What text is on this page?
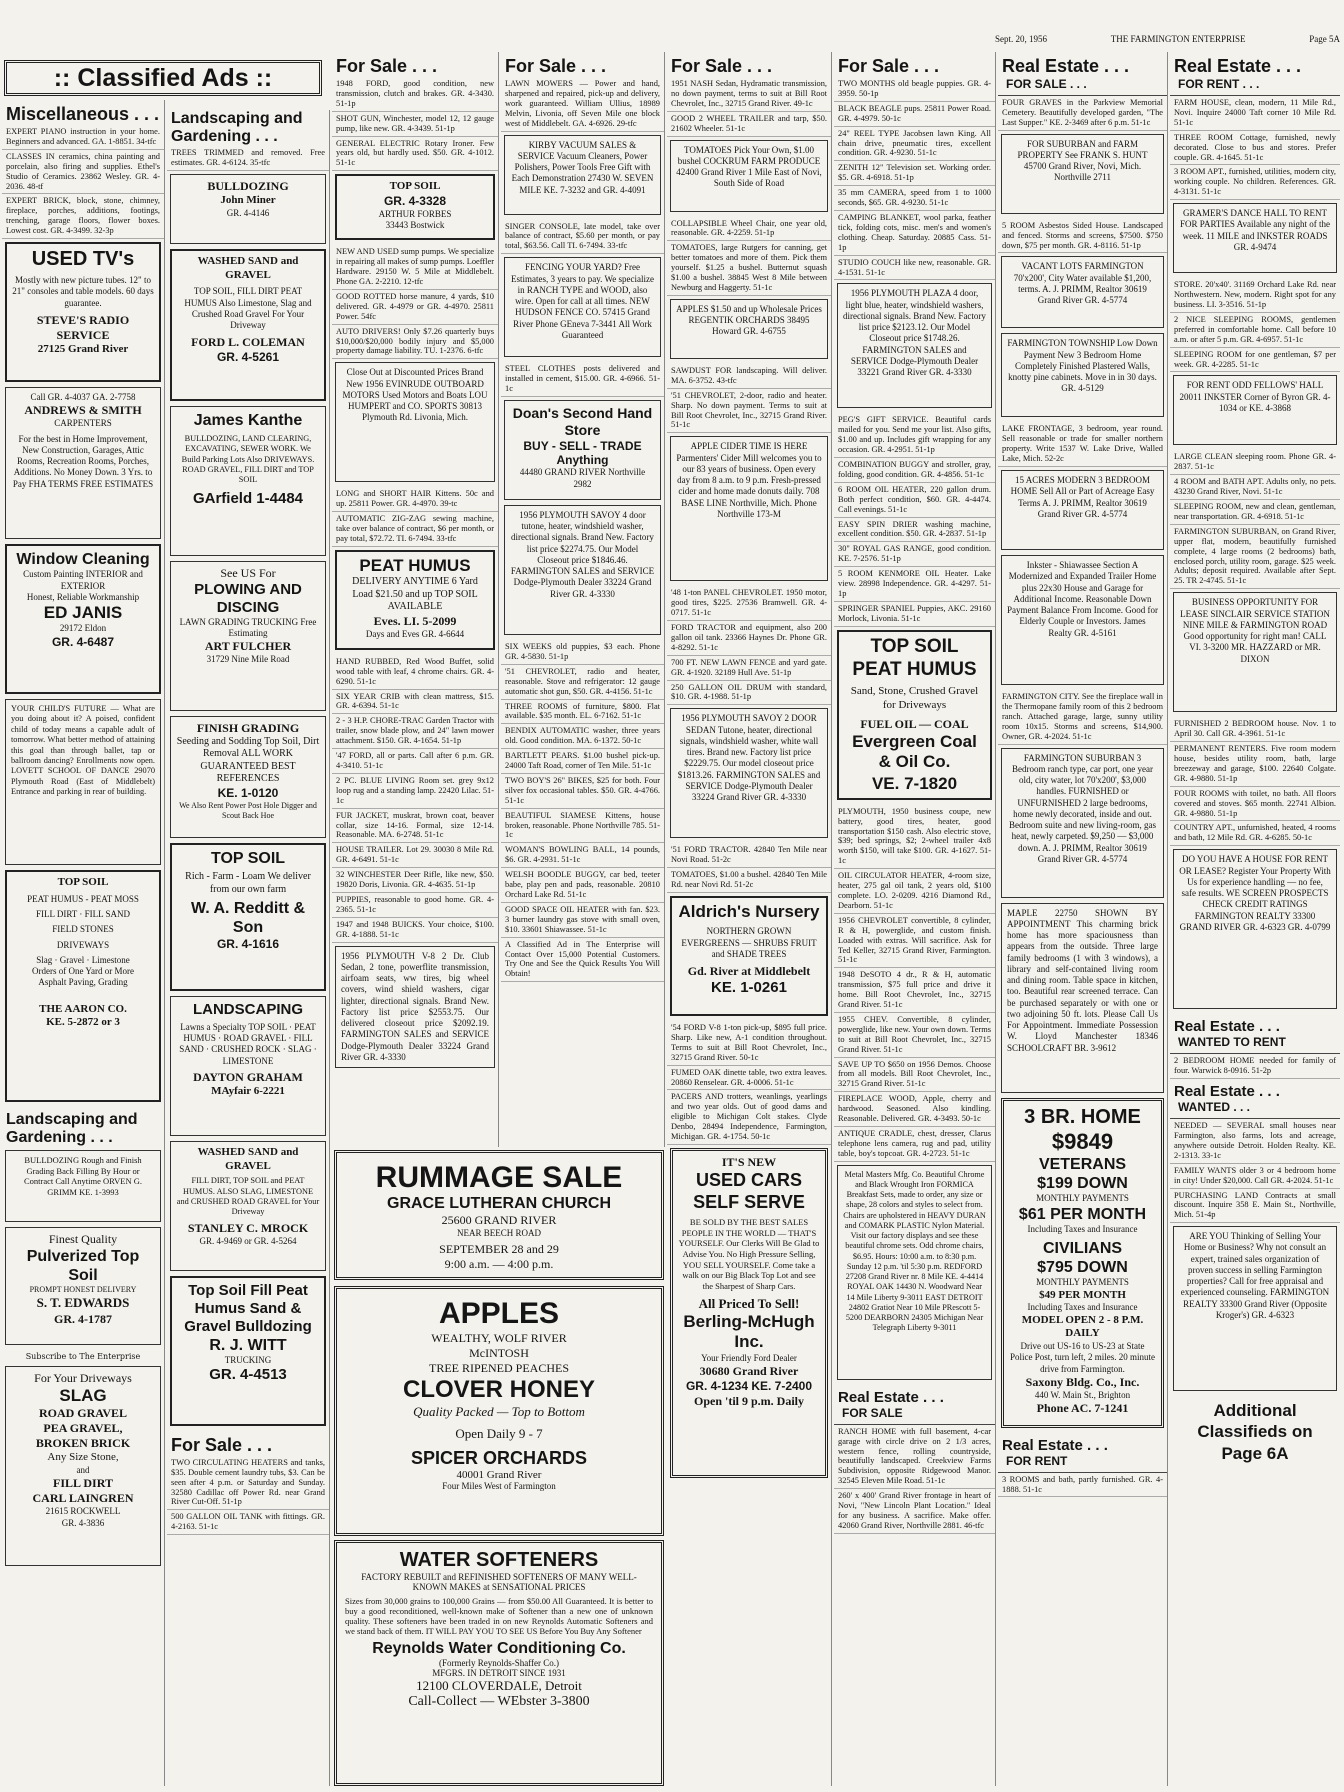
Sept. 20, 1956	THE FARMINGTON ENTERPRISE	Page 5A
:: Classified Ads ::
Miscellaneous . . .
EXPERT PIANO instruction in your home. Beginners and advanced. GA. 1-8851. 34-tfc
CLASSES IN ceramics, china painting and porcelain, also firing and supplies. Ethel's Studio of Ceramics. 23862 Wesley. GR. 4-2036. 48-tf
EXPERT BRICK, block, stone, chimney, fireplace, porches, additions, footings, trenching, garage floors, flower boxes. Lowest cost. GR. 4-3499. 32-3p
USED TV's
Mostly with new picture tubes. 12" to 21" consoles and table models. 60 days guarantee.
STEVE'S RADIO SERVICE
27125 Grand River
Call GR. 4-4037 GA. 2-7758
ANDREWS & SMITH
CARPENTERS
For the best in Home Improvement, New Construction, Garages, Attic Rooms, Recreation Rooms, Porches, Additions. No Money Down. 3 Yrs. to Pay FHA TERMS FREE ESTIMATES
Window Cleaning
Custom Painting INTERIOR and EXTERIOR
Honest, Reliable Workmanship
ED JANIS
29172 Eldon
GR. 4-6487
YOUR CHILD'S FUTURE — What are you doing about it? A poised, confident child of today means a capable adult of tomorrow. What better method of attaining this goal than through ballet, tap or ballroom dancing? Enrollments now open. LOVETT SCHOOL OF DANCE 29070 Plymouth Road (East of Middlebelt) Entrance and parking in rear of building.
TOP SOIL
PEAT HUMUS - PEAT MOSS
FILL DIRT · FILL SAND
FIELD STONES
DRIVEWAYS
Slag · Gravel · Limestone
Orders of One Yard or More
Asphalt Paving, Grading
THE AARON CO.
KE. 5-2872 or 3
Landscaping and Gardening . . .
BULLDOZING Rough and Finish Grading Back Filling By Hour or Contract Call Anytime ORVEN G. GRIMM KE. 1-3993
Finest Quality
Pulverized Top Soil
PROMPT HONEST DELIVERY
S. T. EDWARDS
GR. 4-1787
Subscribe to The Enterprise
For Your Driveways
SLAG
ROAD GRAVEL
PEA GRAVEL,
BROKEN BRICK
Any Size Stone,
and
FILL DIRT
CARL LAINGREN
21615 ROCKWELL
GR. 4-3836
Landscaping and Gardening . . .
TREES TRIMMED and removed. Free estimates. GR. 4-6124. 35-tfc
BULLDOZING
John Miner
GR. 4-4146
WASHED SAND and GRAVEL
TOP SOIL, FILL DIRT PEAT HUMUS Also Limestone, Slag and Crushed Road Gravel For Your Driveway
FORD L. COLEMAN
GR. 4-5261
James Kanthe
BULLDOZING, LAND CLEARING, EXCAVATING, SEWER WORK. We Build Parking Lots Also DRIVEWAYS. ROAD GRAVEL, FILL DIRT and TOP SOIL
GArfield 1-4484
See US For
PLOWING AND DISCING
LAWN GRADING TRUCKING Free Estimating
ART FULCHER
31729 Nine Mile Road
FINISH GRADING
Seeding and Sodding Top Soil, Dirt Removal ALL WORK GUARANTEED BEST REFERENCES
KE. 1-0120
We Also Rent Power Post Hole Digger and Scout Back Hoe
TOP SOIL
Rich - Farm - Loam We deliver from our own farm
W. A. Redditt & Son
GR. 4-1616
LANDSCAPING
Lawns a Specialty TOP SOIL · PEAT HUMUS · ROAD GRAVEL · FILL SAND · CRUSHED ROCK · SLAG · LIMESTONE
DAYTON GRAHAM
MAyfair 6-2221
WASHED SAND and GRAVEL
FILL DIRT, TOP SOIL and PEAT HUMUS. ALSO SLAG, LIMESTONE and CRUSHED ROAD GRAVEL for Your Driveway
STANLEY C. MROCK
GR. 4-9469 or GR. 4-5264
Top Soil Fill Peat Humus Sand & Gravel Bulldozing
R. J. WITT
TRUCKING
GR. 4-4513
For Sale . . .
TWO CIRCULATING HEATERS and tanks, $35. Double cement laundry tubs, $3. Can be seen after 4 p.m. or Saturday and Sunday. 32580 Cadillac off Power Rd. near Grand River Cut-Off. 51-1p
500 GALLON OIL TANK with fittings. GR. 4-2163. 51-1c
For Sale . . .
1948 FORD, good condition, new transmission, clutch and brakes. GR. 4-3430. 51-1p
SHOT GUN, Winchester, model 12, 12 gauge pump, like new. GR. 4-3439. 51-1p
GENERAL ELECTRIC Rotary Ironer. Few years old, but hardly used. $50. GR. 4-1012. 51-1c
TOP SOIL
GR. 4-3328
ARTHUR FORBES
33443 Bostwick
NEW AND USED sump pumps. We specialize in repairing all makes of sump pumps. Loeffler Hardware. 29150 W. 5 Mile at Middlebelt. Phone GA. 2-2210. 12-tfc
GOOD ROTTED horse manure, 4 yards, $10 delivered. GR. 4-4979 or GR. 4-4970. 25811 Power. 54fc
AUTO DRIVERS! Only $7.26 quarterly buys $10,000/$20,000 bodily injury and $5,000 property damage liability. TU. 1-2376. 6-tfc
Close Out at Discounted Prices Brand New 1956 EVINRUDE OUTBOARD MOTORS Used Motors and Boats LOU HUMPERT and CO. SPORTS 30813 Plymouth Rd. Livonia, Mich.
LONG and SHORT HAIR Kittens. 50c and up. 25811 Power. GR. 4-4970. 39-tc
AUTOMATIC ZIG-ZAG sewing machine, take over balance of contract, $6 per month, or pay total, $72.72. TI. 6-7494. 33-tfc
PEAT HUMUS
DELIVERY ANYTIME 6 Yard Load $21.50 and up TOP SOIL AVAILABLE
Eves. LI. 5-2099
Days and Eves GR. 4-6644
HAND RUBBED, Red Wood Buffet, solid wood table with leaf, 4 chrome chairs. GR. 4-6290. 51-1c
SIX YEAR CRIB with clean mattress, $15. GR. 4-6394. 51-1c
2 - 3 H.P. CHORE-TRAC Garden Tractor with trailer, snow blade plow, and 24" lawn mower attachment. $150. GR. 4-1654. 51-1p
'47 FORD, all or parts. Call after 6 p.m. GR. 4-3410. 51-1c
2 PC. BLUE LIVING Room set. grey 9x12 loop rug and a standing lamp. 22420 Lilac. 51-1c
FUR JACKET, muskrat, brown coat, beaver collar, size 14-16. Formal, size 12-14. Reasonable. MA. 6-2748. 51-1c
HOUSE TRAILER. Lot 29. 30030 8 Mile Rd. GR. 4-6491. 51-1c
32 WINCHESTER Deer Rifle, like new, $50. 19820 Doris, Livonia. GR. 4-4635. 51-1p
PUPPIES, reasonable to good home. GR. 4-2365. 51-1c
1947 and 1948 BUICKS. Your choice, $100. GR. 4-1888. 51-1c
1956 PLYMOUTH V-8 2 Dr. Club Sedan, 2 tone, powerflite transmission, airfoam seats, ww tires, big wheel covers, wind shield washers, cigar lighter, directional signals. Brand New. Factory list price $2553.75. Our delivered closeout price $2092.19. FARMINGTON SALES and SERVICE Dodge-Plymouth Dealer 33224 Grand River GR. 4-3330
For Sale . . .
LAWN MOWERS — Power and hand, sharpened and repaired, pick-up and delivery, work guaranteed. William Ullius, 18989 Melvin, Livonia, off Seven Mile one block west of Middlebelt. GA. 4-6926. 29-tfc
KIRBY VACUUM SALES & SERVICE Vacuum Cleaners, Power Polishers, Power Tools Free Gift with Each Demonstration 27430 W. SEVEN MILE KE. 7-3232 and GR. 4-4091
SINGER CONSOLE, late model, take over balance of contract, $5.60 per month, or pay total, $63.56. Call TI. 6-7494. 33-tfc
FENCING YOUR YARD? Free Estimates, 3 years to pay. We specialize in RANCH TYPE and WOOD, also wire. Open for call at all times. NEW HUDSON FENCE CO. 57415 Grand River Phone GEneva 7-3441 All Work Guaranteed
STEEL CLOTHES posts delivered and installed in cement, $15.00. GR. 4-6966. 51-1c
Doan's Second Hand Store
BUY - SELL - TRADE Anything
44480 GRAND RIVER Northville 2982
1956 PLYMOUTH SAVOY 4 door tutone, heater, windshield washer, directional signals. Brand New. Factory list price $2274.75. Our Model Closeout price $1846.46. FARMINGTON SALES and SERVICE Dodge-Plymouth Dealer 33224 Grand River GR. 4-3330
SIX WEEKS old puppies, $3 each. Phone GR. 4-5830. 51-1p
'51 CHEVROLET, radio and heater, reasonable. Stove and refrigerator: 12 gauge automatic shot gun, $50. GR. 4-4156. 51-1c
THREE ROOMS of furniture, $800. Flat available. $35 month. EL. 6-7162. 51-1c
BENDIX AUTOMATIC washer, three years old. Good condition. MA. 6-1372. 50-1c
BARTLETT PEARS. $1.00 bushel pick-up. 24000 Taft Road, corner of Ten Mile. 51-1c
TWO BOY'S 26" BIKES, $25 for both. Four silver fox occasional tables. $50. GR. 4-4766. 51-1c
BEAUTIFUL SIAMESE Kittens, house broken, reasonable. Phone Northville 785. 51-1c
WOMAN'S BOWLING BALL, 14 pounds, $6. GR. 4-2931. 51-1c
WELSH BOODLE BUGGY, car bed, teeter babe, play pen and pads, reasonable. 20810 Orchard Lake Rd. 51-1c
GOOD SPACE OIL HEATER with fan. $23. 3 burner laundry gas stove with small oven, $10. 33601 Shiawassee. 51-1c
A Classified Ad in The Enterprise will Contact Over 15,000 Potential Customers. Try One and See the Quick Results You Will Obtain!
RUMMAGE SALE
GRACE LUTHERAN CHURCH
25600 GRAND RIVER
NEAR BEECH ROAD
SEPTEMBER 28 and 29
9:00 a.m. — 4:00 p.m.
APPLES
WEALTHY, WOLF RIVER
McINTOSH
TREE RIPENED PEACHES
CLOVER HONEY
Quality Packed — Top to Bottom
Open Daily 9 - 7
SPICER ORCHARDS
40001 Grand River
Four Miles West of Farmington
WATER SOFTENERS
FACTORY REBUILT and REFINISHED SOFTENERS OF MANY WELL-KNOWN MAKES at SENSATIONAL PRICES
Sizes from 30,000 grains to 100,000 Grains — from $50.00 All Guaranteed. It is better to buy a good reconditioned, well-known make of Softener than a new one of unknown quality. These softeners have been traded in on new Reynolds Automatic Softeners and we stand back of them. IT WILL PAY YOU TO SEE US Before You Buy Any Softener
Reynolds Water Conditioning Co.
(Formerly Reynolds-Shaffer Co.)
MFGRS. IN DETROIT SINCE 1931
12100 CLOVERDALE, Detroit
Call-Collect — WEbster 3-3800
For Sale . . .
1951 NASH Sedan, Hydramatic transmission, no down payment, terms to suit at Bill Root Chevrolet, Inc., 32715 Grand River. 49-1c
GOOD 2 WHEEL TRAILER and tarp, $50. 21602 Wheeler. 51-1c
TOMATOES Pick Your Own, $1.00 bushel COCKRUM FARM PRODUCE 42400 Grand River 1 Mile East of Novi, South Side of Road
COLLAPSIBLE Wheel Chair, one year old, reasonable. GR. 4-2259. 51-1p
TOMATOES, large Rutgers for canning, get better tomatoes and more of them. Pick them yourself. $1.25 a bushel. Butternut squash $1.00 a bushel. 38845 West 8 Mile between Newburg and Haggerty. 51-1c
APPLES $1.50 and up Wholesale Prices REGENTIK ORCHARDS 38495 Howard GR. 4-6755
SAWDUST FOR landscaping. Will deliver. MA. 6-3752. 43-tfc
'51 CHEVROLET, 2-door, radio and heater. Sharp. No down payment. Terms to suit at Bill Root Chevrolet, Inc., 32715 Grand River. 51-1c
APPLE CIDER TIME IS HERE Parmenters' Cider Mill welcomes you to our 83 years of business. Open every day from 8 a.m. to 9 p.m. Fresh-pressed cider and home made donuts daily. 708 BASE LINE Northville, Mich. Phone Northville 173-M
'48 1-ton PANEL CHEVROLET. 1950 motor, good tires, $225. 27536 Bramwell. GR. 4-0717. 51-1c
FORD TRACTOR and equipment, also 200 gallon oil tank. 23366 Haynes Dr. Phone GR. 4-8292. 51-1c
700 FT. NEW LAWN FENCE and yard gate. GR. 4-1920. 32189 Hull Ave. 51-1p
250 GALLON OIL DRUM with standard, $10. GR. 4-1988. 51-1p
1956 PLYMOUTH SAVOY 2 DOOR SEDAN Tutone, heater, directional signals, windshield washer, white wall tires. Brand new. Factory list price $2229.75. Our model closeout price $1813.26. FARMINGTON SALES and SERVICE Dodge-Plymouth Dealer 33224 Grand River GR. 4-3330
'51 FORD TRACTOR. 42840 Ten Mile near Novi Road. 51-2c
TOMATOES, $1.00 a bushel. 42840 Ten Mile Rd. near Novi Rd. 51-2c
Aldrich's Nursery
NORTHERN GROWN EVERGREENS — SHRUBS FRUIT and SHADE TREES
Gd. River at Middlebelt
KE. 1-0261
'54 FORD V-8 1-ton pick-up, $895 full price. Sharp. Like new, A-1 condition throughout. Terms to suit at Bill Root Chevrolet, Inc., 32715 Grand River. 50-1c
FUMED OAK dinette table, two extra leaves. 20860 Renselear. GR. 4-0006. 51-1c
PACERS AND trotters, weanlings, yearlings and two year olds. Out of good dams and eligible to Michigan Colt stakes. Clyde Denbo, 28494 Independence, Farmington, Michigan. GR. 4-1754. 50-1c
IT'S NEW
USED CARS SELF SERVE
BE SOLD BY THE BEST SALES PEOPLE IN THE WORLD — THAT'S YOURSELF. Our Clerks Will Be Glad to Advise You. No High Pressure Selling, YOU SELL YOURSELF. Come take a walk on our Big Black Top Lot and see the Sharpest of Sharp Cars.
All Priced To Sell!
Berling-McHugh Inc.
Your Friendly Ford Dealer
30680 Grand River
GR. 4-1234 KE. 7-2400
Open 'til 9 p.m. Daily
For Sale . . .
TWO MONTHS old beagle puppies. GR. 4-3959. 50-1p
BLACK BEAGLE pups. 25811 Power Road. GR. 4-4979. 50-1c
24" REEL TYPE Jacobsen lawn King. All chain drive, pneumatic tires, excellent condition. GR. 4-9230. 51-1c
ZENITH 12" Television set. Working order. $5. GR. 4-6918. 51-1p
35 mm CAMERA, speed from 1 to 1000 seconds, $65. GR. 4-9230. 51-1c
CAMPING BLANKET, wool parka, feather tick, folding cots, misc. men's and women's clothing. Cheap. Saturday. 20885 Cass. 51-1p
STUDIO COUCH like new, reasonable. GR. 4-1531. 51-1c
1956 PLYMOUTH PLAZA 4 door, light blue, heater, windshield washers, directional signals. Brand New. Factory list price $2123.12. Our Model Closeout price $1748.26. FARMINGTON SALES and SERVICE Dodge-Plymouth Dealer 33221 Grand River GR. 4-3330
PEG'S GIFT SERVICE. Beautiful cards mailed for you. Send me your list. Also gifts, $1.00 and up. Includes gift wrapping for any occasion. GR. 4-2951. 51-1p
COMBINATION BUGGY and stroller, gray, folding, good condition. GR. 4-4856. 51-1c
6 ROOM OIL HEATER, 220 gallon drum. Both perfect condition, $60. GR. 4-4474. Call evenings. 51-1c
EASY SPIN DRIER washing machine, excellent condition. $50. GR. 4-2837. 51-1p
30" ROYAL GAS RANGE, good condition. KE. 7-2576. 51-1p
5 ROOM KENMORE OIL Heater. Lake view. 28998 Independence. GR. 4-4297. 51-1p
SPRINGER SPANIEL Puppies, AKC. 29160 Morlock, Livonia. 51-1c
TOP SOIL PEAT HUMUS
Sand, Stone, Crushed Gravel for Driveways
FUEL OIL — COAL
Evergreen Coal & Oil Co.
VE. 7-1820
PLYMOUTH, 1950 business coupe, new battery, good tires, heater, good transportation $150 cash. Also electric stove, $39; bed springs, $2; 2-wheel trailer 4x8 worth $150, will take $100. GR. 4-1627. 51-1c
OIL CIRCULATOR HEATER, 4-room size, heater, 275 gal oil tank, 2 years old, $100 complete. LO. 2-0209. 4216 Diamond Rd., Dearborn. 51-1c
1956 CHEVROLET convertible, 8 cylinder, R & H, powerglide, and custom finish. Loaded with extras. Will sacrifice. Ask for Ted Keller, 32715 Grand River, Farmington. 51-1c
1948 DeSOTO 4 dr., R & H, automatic transmission, $75 full price and drive it home. Bill Root Chevrolet, Inc., 32715 Grand River. 51-1c
1955 CHEV. Convertible, 8 cylinder, powerglide, like new. Your own down. Terms to suit at Bill Root Chevrolet, Inc., 32715 Grand River. 51-1c
SAVE UP TO $650 on 1956 Demos. Choose from all models. Bill Root Chevrolet, Inc., 32715 Grand River. 51-1c
FIREPLACE WOOD, Apple, cherry and hardwood. Seasoned. Also kindling. Reasonable. Delivered. GR. 4-3493. 50-1c
ANTIQUE CRADLE, chest, dresser, Clarus telephone lens camera, rug and pad, utility table, boy's topcoat. GR. 4-2723. 51-1c
Metal Masters Mfg. Co. Beautiful Chrome and Black Wrought Iron FORMICA Breakfast Sets, made to order, any size or shape, 28 colors and styles to select from. Chairs are upholstered in HEAVY DURAN and COMARK PLASTIC Nylon Material. Visit our factory displays and see these beautiful chrome sets. Odd chrome chairs, $6.95. Hours: 10:00 a.m. to 8:30 p.m. Sunday 12 p.m. 'til 5:30 p.m. REDFORD 27208 Grand River nr. 8 Mile KE. 4-4414 ROYAL OAK 14430 N. Woodward Near 14 Mile Liberty 9-3011 EAST DETROIT 24802 Gratiot Near 10 Mile PRescott 5-5200 DEARBORN 24305 Michigan Near Telegraph Liberty 9-3011
Real Estate . . .
FOR SALE
RANCH HOME with full basement, 4-car garage with circle drive on 2 1/3 acres, western fence, rolling countryside, beautifully landscaped. Creekview Farms Subdivision, opposite Ridgewood Manor. 32545 Eleven Mile Road. 51-1c
260' x 400' Grand River frontage in heart of Novi, "New Lincoln Plant Location." Ideal for any business. A sacrifice. Make offer. 42060 Grand River, Northville 2881. 46-tfc
Real Estate . . .
FOR SALE . . .
FOUR GRAVES in the Parkview Memorial Cemetery. Beautifully developed garden, "The Last Supper." KE. 2-3469 after 6 p.m. 51-1c
FOR SUBURBAN and FARM PROPERTY See FRANK S. HUNT 45700 Grand River, Novi, Mich. Northville 2711
5 ROOM Asbestos Sided House. Landscaped and fenced. Storms and screens, $7500. $750 down, $75 per month. GR. 4-8116. 51-1p
VACANT LOTS FARMINGTON 70'x200', City Water available $1,200, terms. A. J. PRIMM, Realtor 30619 Grand River GR. 4-5774
FARMINGTON TOWNSHIP Low Down Payment New 3 Bedroom Home Completely Finished Plastered Walls, knotty pine cabinets. Move in in 30 days. GR. 4-5129
LAKE FRONTAGE, 3 bedroom, year round. Sell reasonable or trade for smaller northern property. Write 1537 W. Lake Drive, Walled Lake, Mich. 52-2c
15 ACRES MODERN 3 BEDROOM HOME Sell All or Part of Acreage Easy Terms A. J. PRIMM, Realtor 30619 Grand River GR. 4-5774
Inkster - Shiawassee Section A Modernized and Expanded Trailer Home plus 22x30 House and Garage for Additional Income. Reasonable Down Payment Balance From Income. Good for Elderly Couple or Investors. James Realty GR. 4-5161
FARMINGTON CITY. See the fireplace wall in the Thermopane family room of this 2 bedroom ranch. Attached garage, large, sunny utility room 10x15. Storms and screens, $14,900. Owner, GR. 4-2024. 51-1c
FARMINGTON SUBURBAN 3 Bedroom ranch type, car port, one year old, city water, lot 70'x200', $3,000 handles. FURNISHED or UNFURNISHED 2 large bedrooms, home newly decorated, inside and out. Bedroom suite and new living-room, gas heat, newly carpeted. $9,250 — $3,000 down. A. J. PRIMM, Realtor 30619 Grand River GR. 4-5774
MAPLE 22750 SHOWN BY APPOINTMENT This charming brick home has more spaciousness than appears from the outside. Three large family bedrooms (1 with 3 windows), a library and self-contained living room and dining room. Table space in kitchen, too. Beautiful rear screened terrace. Can be purchased separately or with one or two adjoining 50 ft. lots. Please Call Us For Appointment. Immediate Possession W. Lloyd Manchester 18346 SCHOOLCRAFT BR. 3-9612
3 BR. HOME
$9849
VETERANS
$199 DOWN
MONTHLY PAYMENTS
$61 PER MONTH
Including Taxes and Insurance
CIVILIANS
$795 DOWN
MONTHLY PAYMENTS
$49 PER MONTH
Including Taxes and Insurance
MODEL OPEN 2 - 8 P.M. DAILY
Drive out US-16 to US-23 at State Police Post, turn left, 2 miles. 20 minute drive from Farmington.
Saxony Bldg. Co., Inc.
440 W. Main St., Brighton
Phone AC. 7-1241
Real Estate . . .
FOR RENT
3 ROOMS and bath, partly furnished. GR. 4-1888. 51-1c
Real Estate . . .
FOR RENT . . .
FARM HOUSE, clean, modern, 11 Mile Rd., Novi. Inquire 24000 Taft corner 10 Mile Rd. 51-1c
THREE ROOM Cottage, furnished, newly decorated. Close to bus and stores. Prefer couple. GR. 4-1645. 51-1c
3 ROOM APT., furnished, utilities, modern city, working couple. No children. References. GR. 4-3131. 51-1c
GRAMER'S DANCE HALL TO RENT FOR PARTIES Available any night of the week. 11 MILE and INKSTER ROADS GR. 4-9474
STORE. 20'x40'. 31169 Orchard Lake Rd. near Northwestern. New, modern. Right spot for any business. LI. 3-3516. 51-1p
2 NICE SLEEPING ROOMS, gentlemen preferred in comfortable home. Call before 10 a.m. or after 5 p.m. GR. 4-6957. 51-1c
SLEEPING ROOM for one gentleman, $7 per week. GR. 4-2285. 51-1c
FOR RENT ODD FELLOWS' HALL 20011 INKSTER Corner of Byron GR. 4-1034 or KE. 4-3868
LARGE CLEAN sleeping room. Phone GR. 4-2837. 51-1c
4 ROOM and BATH APT. Adults only, no pets. 43230 Grand River, Novi. 51-1c
SLEEPING ROOM, new and clean, gentleman, near transportation. GR. 4-6918. 51-1c
FARMINGTON SUBURBAN, on Grand River, upper flat, modern, beautifully furnished complete, 4 large rooms (2 bedrooms) bath, enclosed porch, utility room, garage. $25 week. Adults; deposit required. Available after Sept. 25. TR 2-4745. 51-1c
BUSINESS OPPORTUNITY FOR LEASE SINCLAIR SERVICE STATION NINE MILE & FARMINGTON ROAD Good opportunity for right man! CALL VI. 3-3200 MR. HAZZARD or MR. DIXON
FURNISHED 2 BEDROOM house. Nov. 1 to April 30. Call GR. 4-3961. 51-1c
PERMANENT RENTERS. Five room modern house, besides utility room, bath, large breezeway and garage, $100. 22640 Colgate. GR. 4-9880. 51-1p
FOUR ROOMS with toilet, no bath. All floors covered and stoves. $65 month. 22741 Albion. GR. 4-9880. 51-1p
COUNTRY APT., unfurnished, heated, 4 rooms and bath, 12 Mile Rd. GR. 4-6285. 50-1c
DO YOU HAVE A HOUSE FOR RENT OR LEASE? Register Your Property With Us for experience handling — no fee, safe results. WE SCREEN PROSPECTS CHECK CREDIT RATINGS FARMINGTON REALTY 33300 GRAND RIVER GR. 4-6323 GR. 4-0799
Real Estate . . .
WANTED TO RENT
2 BEDROOM HOME needed for family of four. Warwick 8-0916. 51-2p
Real Estate . . .
WANTED . . .
NEEDED — SEVERAL small houses near Farmington, also farms, lots and acreage, anywhere outside Detroit. Holden Realty. KE. 2-1313. 33-1c
FAMILY WANTS older 3 or 4 bedroom home in city! Under $20,000. Call GR. 4-2024. 51-1c
PURCHASING LAND Contracts at small discount. Inquire 358 E. Main St., Northville, Mich. 51-4p
ARE YOU Thinking of Selling Your Home or Business? Why not consult an expert, trained sales organization of proven success in selling Farmington properties? Call for free appraisal and experienced counseling. FARMINGTON REALTY 33300 Grand River (Opposite Kroger's) GR. 4-6323
Additional Classifieds on Page 6A
